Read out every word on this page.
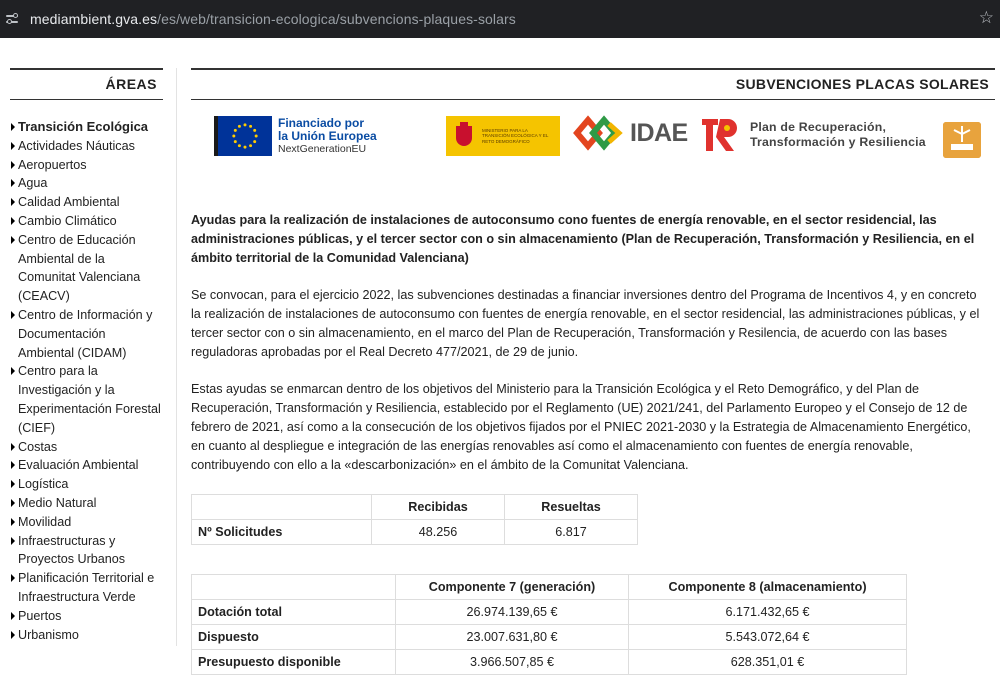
mediambient.gva.es/es/web/transicion-ecologica/subvencions-plaques-solars	☆
ÁREAS
Transición Ecológica
Actividades Náuticas
Aeropuertos
Agua
Calidad Ambiental
Cambio Climático
Centro de Educación Ambiental de la Comunitat Valenciana (CEACV)
Centro de Información y Documentación Ambiental (CIDAM)
Centro para la Investigación y la Experimentación Forestal (CIEF)
Costas
Evaluación Ambiental
Logística
Medio Natural
Movilidad
Infraestructuras y Proyectos Urbanos
Planificación Territorial e Infraestructura Verde
Puertos
Urbanismo
SUBVENCIONES PLACAS SOLARES
Financiado por
la Unión Europea
NextGenerationEU
MINISTERIO PARA LA TRANSICIÓN ECOLÓGICA Y EL RETO DEMOGRÁFICO	IDAE	Plan de Recuperación,
Transformación y Resiliencia

Ayudas para la realización de instalaciones de autoconsumo cono fuentes de energía renovable, en el sector residencial, las administraciones públicas, y el tercer sector con o sin almacenamiento (Plan de Recuperación, Transformación y Resiliencia, en el ámbito territorial de la Comunidad Valenciana)

Se convocan, para el ejercicio 2022, las subvenciones destinadas a financiar inversiones dentro del Programa de Incentivos 4, y en concreto la realización de instalaciones de autoconsumo con fuentes de energía renovable, en el sector residencial, las administraciones públicas, y el tercer sector con o sin almacenamiento, en el marco del Plan de Recuperación, Transformación y Resilencia, de acuerdo con las bases reguladoras aprobadas por el Real Decreto 477/2021, de 29 de junio.

Estas ayudas se enmarcan dentro de los objetivos del Ministerio para la Transición Ecológica y el Reto Demográfico, y del Plan de Recuperación, Transformación y Resiliencia, establecido por el Reglamento (UE) 2021/241, del Parlamento Europeo y el Consejo de 12 de febrero de 2021, así como a la consecución de los objetivos fijados por el PNIEC 2021-2030 y la Estrategia de Almacenamiento Energético, en cuanto al despliegue e integración de las energías renovables así como el almacenamiento con fuentes de energía renovable, contribuyendo con ello a la «descarbonización» en el ámbito de la Comunitat Valenciana.

	Recibidas	Resueltas
Nº Solicitudes	48.256	6.817
	Componente 7 (generación)	Componente 8 (almacenamiento)
Dotación total	26.974.139,65 €	6.171.432,65 €
Dispuesto	23.007.631,80 €	5.543.072,64 €
Presupuesto disponible	3.966.507,85 €	628.351,01 €
